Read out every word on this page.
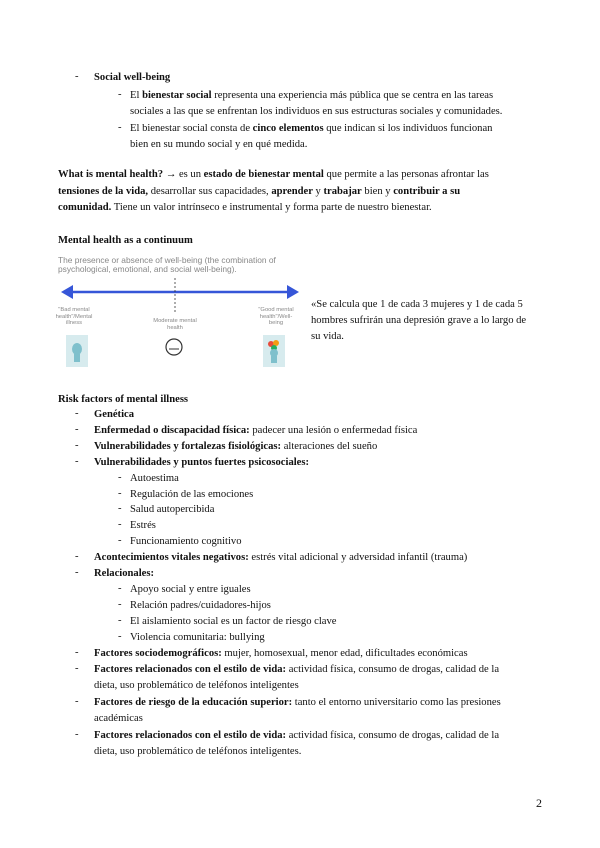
- Social well-being
- El bienestar social representa una experiencia más pública que se centra en las tareas
sociales a las que se enfrentan los individuos en sus estructuras sociales y comunidades.
- El bienestar social consta de cinco elementos que indican si los individuos funcionan
bien en su mundo social y en qué medida.
What is mental health? → es un estado de bienestar mental que permite a las personas afrontar las
tensiones de la vida, desarrollar sus capacidades, aprender y trabajar bien y contribuir a su
comunidad. Tiene un valor intrínseco e instrumental y forma parte de nuestro bienestar.
Mental health as a continuum
The presence or absence of well-being (the combination of
psychological, emotional, and social well-being).
"Bad mental
health"/Mental
illness	Moderate mental
health
"Good mental
health"/Well-
being
«Se calcula que 1 de cada 3 mujeres y 1 de cada 5
hombres sufrirán una depresión grave a lo largo de
su vida.
Risk factors of mental illness
- Genética
- Enfermedad o discapacidad física: padecer una lesión o enfermedad física
- Vulnerabilidades y fortalezas fisiológicas: alteraciones del sueño
- Vulnerabilidades y puntos fuertes psicosociales:
- Autoestima
- Regulación de las emociones
- Salud autopercibida
- Estrés
- Funcionamiento cognitivo
- Acontecimientos vitales negativos: estrés vital adicional y adversidad infantil (trauma)
- Relacionales:
- Apoyo social y entre iguales
- Relación padres/cuidadores-hijos
- El aislamiento social es un factor de riesgo clave
- Violencia comunitaria: bullying
- Factores sociodemográficos: mujer, homosexual, menor edad, dificultades económicas
- Factores relacionados con el estilo de vida: actividad física, consumo de drogas, calidad de la
dieta, uso problemático de teléfonos inteligentes
- Factores de riesgo de la educación superior: tanto el entorno universitario como las presiones
académicas
- Factores relacionados con el estilo de vida: actividad física, consumo de drogas, calidad de la
dieta, uso problemático de teléfonos inteligentes.
2
